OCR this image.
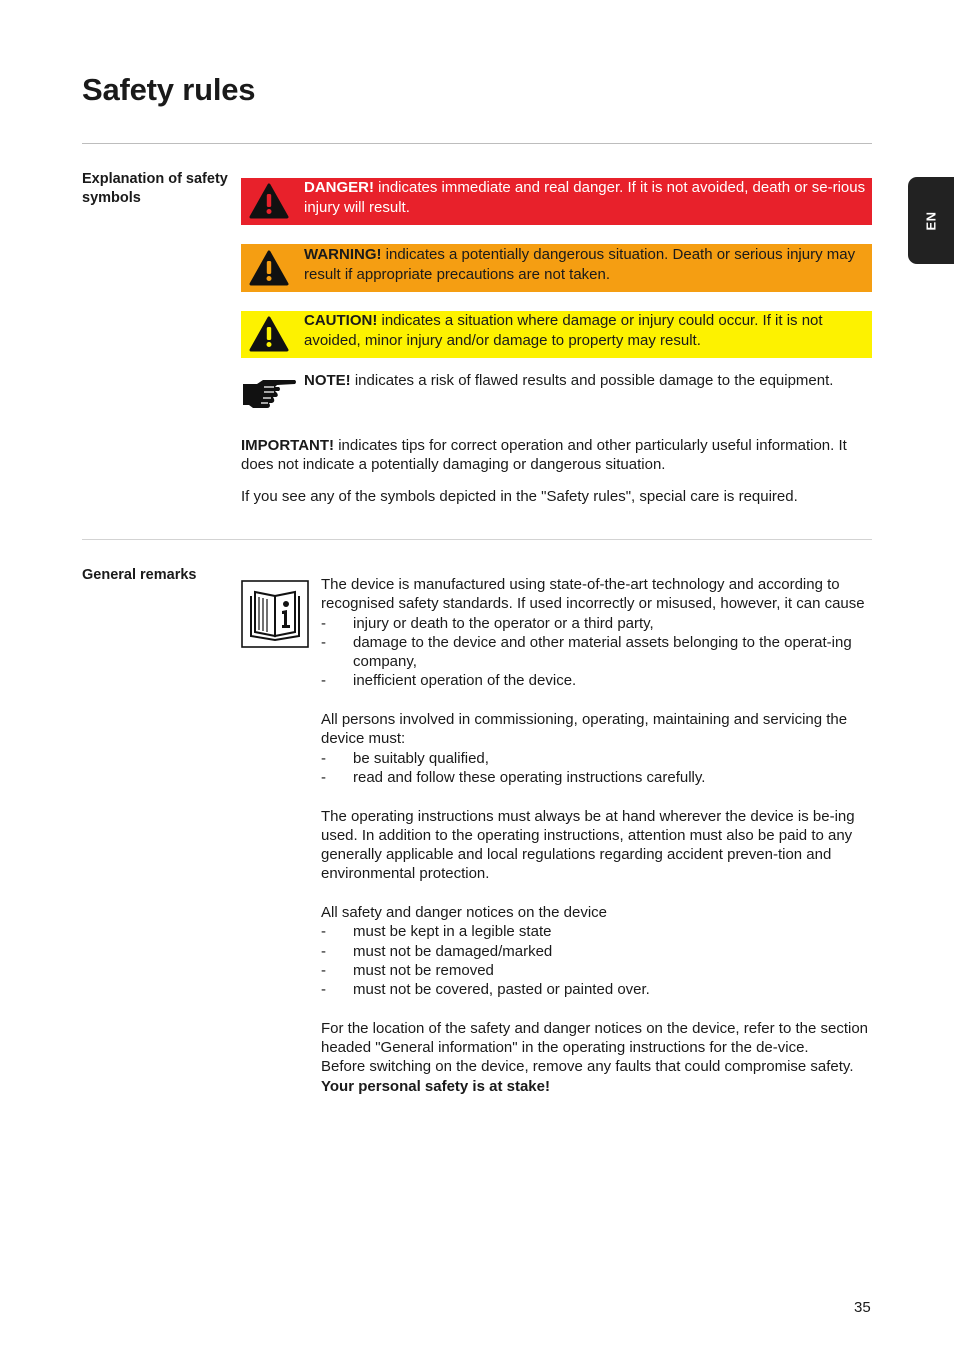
Safety rules
EN
Explanation of safety symbols
DANGER! indicates immediate and real danger. If it is not avoided, death or se-rious injury will result.
WARNING! indicates a potentially dangerous situation. Death or serious injury may result if appropriate precautions are not taken.
CAUTION! indicates a situation where damage or injury could occur. If it is not avoided, minor injury and/or damage to property may result.
NOTE! indicates a risk of flawed results and possible damage to the equipment.

IMPORTANT! indicates tips for correct operation and other particularly useful information. It does not indicate a potentially damaging or dangerous situation.

If you see any of the symbols depicted in the "Safety rules", special care is required.

General remarks

The device is manufactured using state-of-the-art technology and according to recognised safety standards. If used incorrectly or misused, however, it can cause

- injury or death to the operator or a third party,
- damage to the device and other material assets belonging to the operat-ing company,
- inefficient operation of the device.

All persons involved in commissioning, operating, maintaining and servicing the device must:

- be suitably qualified,
- read and follow these operating instructions carefully.

The operating instructions must always be at hand wherever the device is be-ing used. In addition to the operating instructions, attention must also be paid to any generally applicable and local regulations regarding accident preven-tion and environmental protection.

All safety and danger notices on the device

- must be kept in a legible state
- must not be damaged/marked
- must not be removed
- must not be covered, pasted or painted over.

For the location of the safety and danger notices on the device, refer to the section headed "General information" in the operating instructions for the de-vice.

Before switching on the device, remove any faults that could compromise safety.

Your personal safety is at stake!

35
